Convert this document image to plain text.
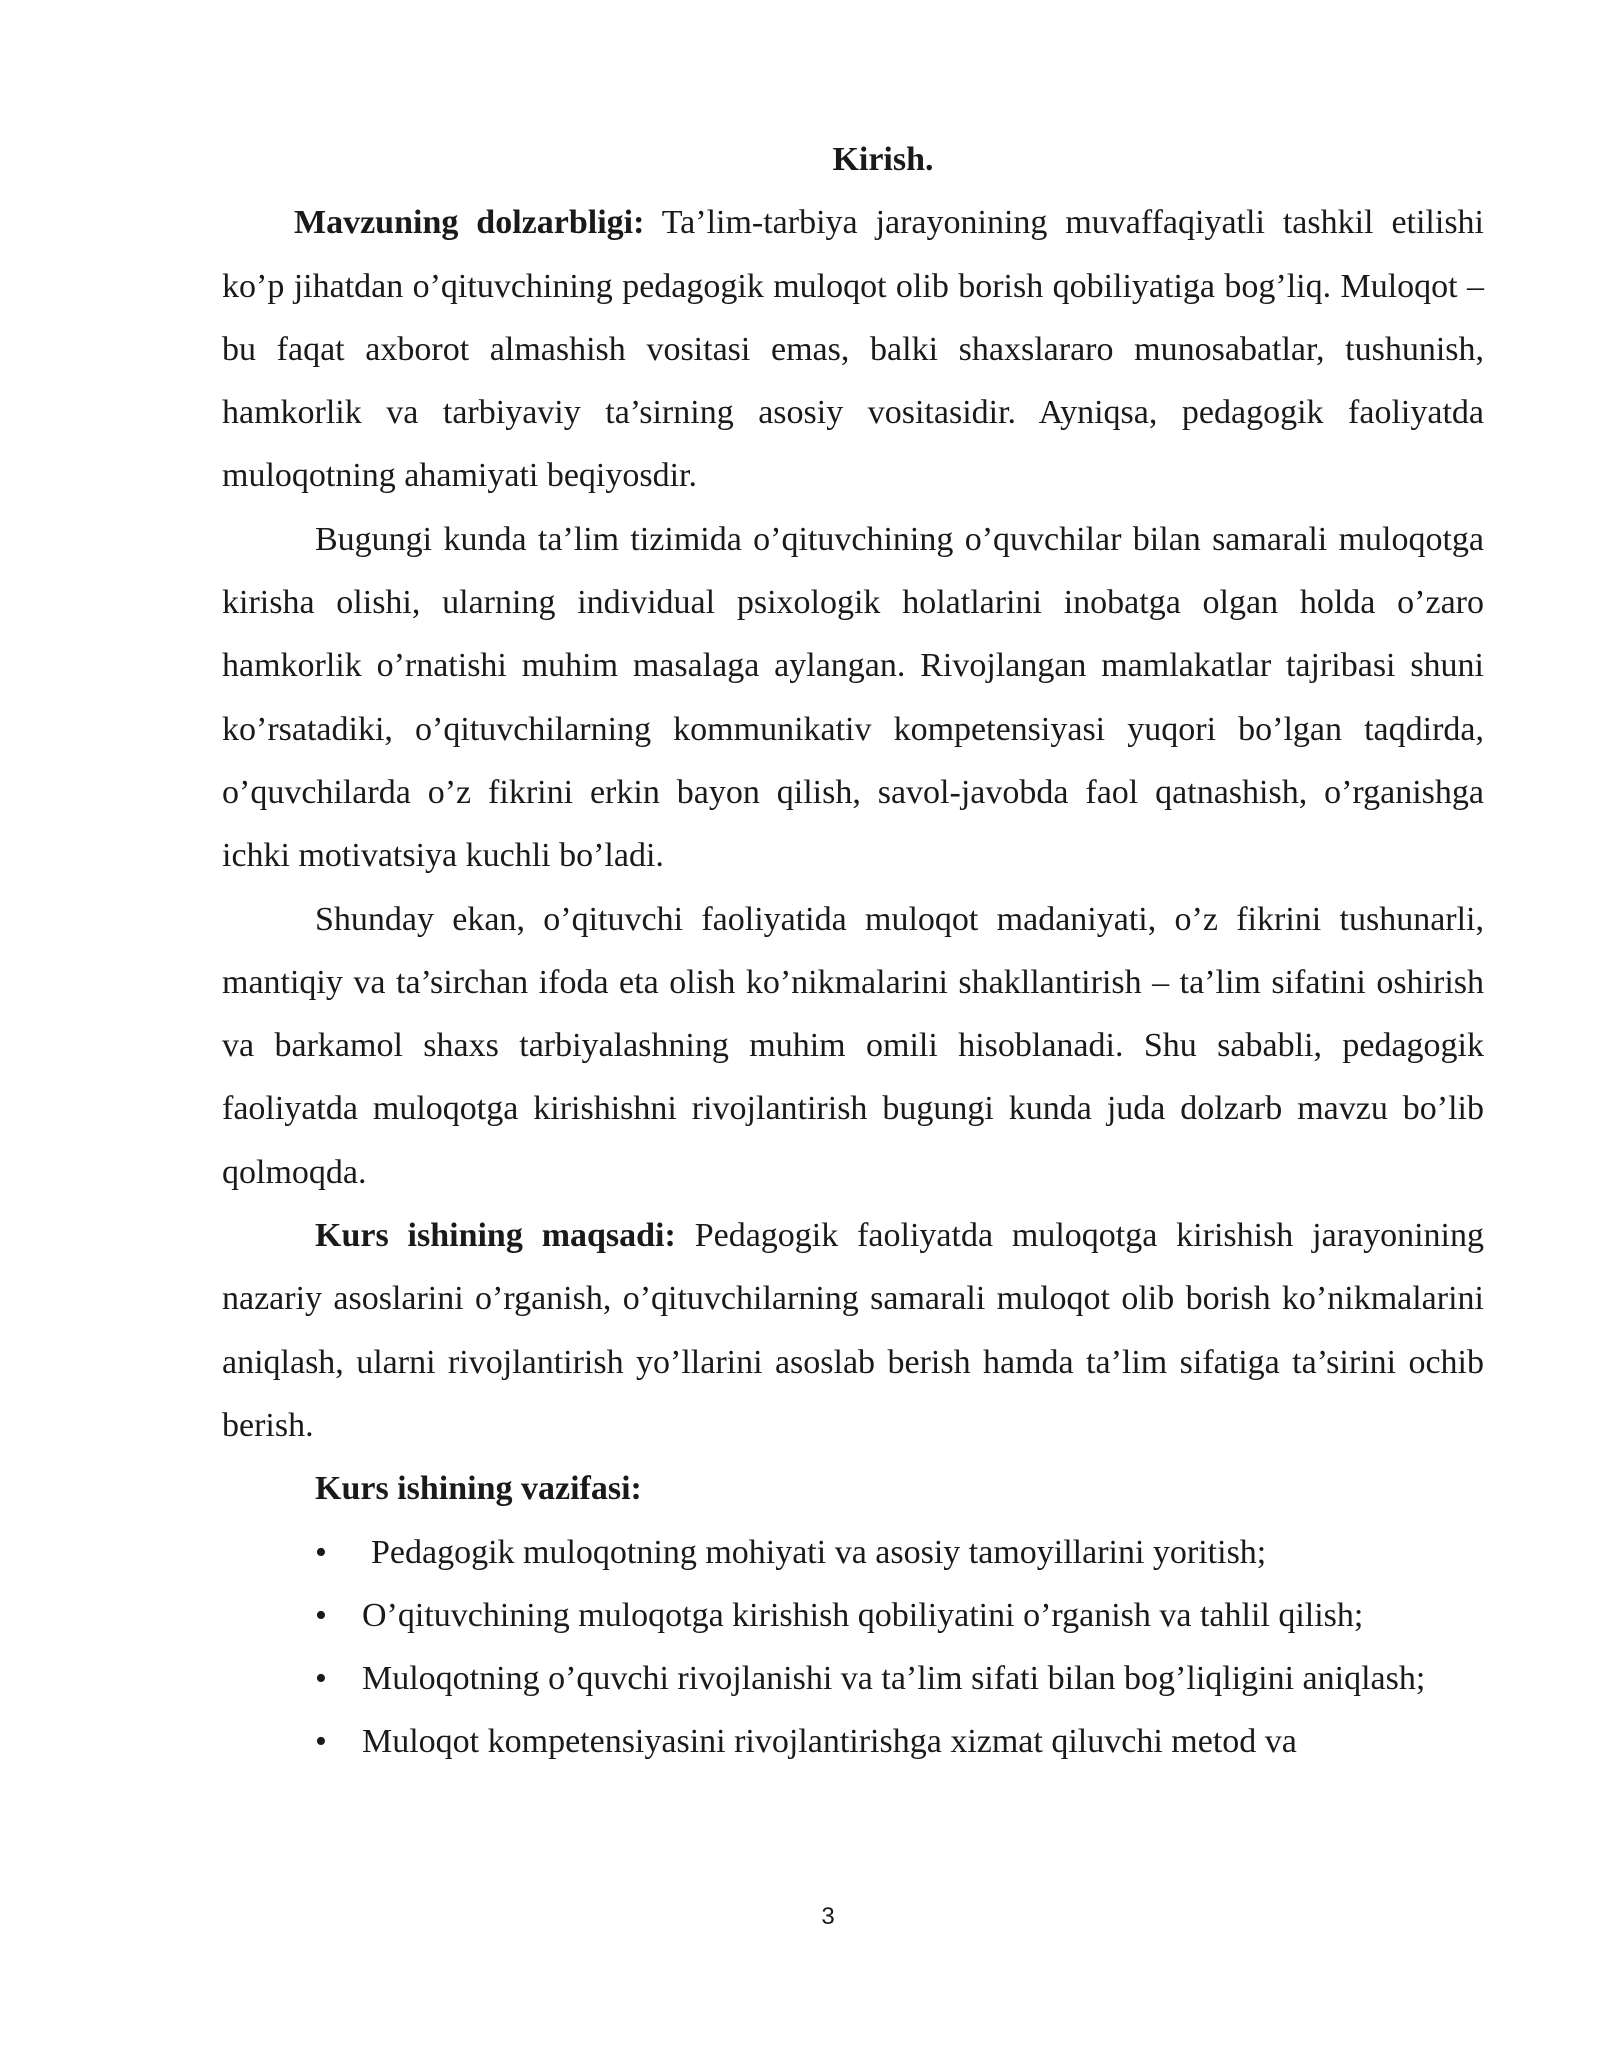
Kirish.

Mavzuning dolzarbligi: Ta’lim-tarbiya jarayonining muvaffaqiyatli tashkil etilishi ko’p jihatdan o’qituvchining pedagogik muloqot olib borish qobiliyatiga bog’liq. Muloqot – bu faqat axborot almashish vositasi emas, balki shaxslararo munosabatlar, tushunish, hamkorlik va tarbiyaviy ta’sirning asosiy vositasidir. Ayniqsa, pedagogik faoliyatda muloqotning ahamiyati beqiyosdir.

Bugungi kunda ta’lim tizimida o’qituvchining o’quvchilar bilan samarali muloqotga kirisha olishi, ularning individual psixologik holatlarini inobatga olgan holda o’zaro hamkorlik o’rnatishi muhim masalaga aylangan. Rivojlangan mamlakatlar tajribasi shuni ko’rsatadiki, o’qituvchilarning kommunikativ kompetensiyasi yuqori bo’lgan taqdirda, o’quvchilarda o’z fikrini erkin bayon qilish, savol-javobda faol qatnashish, o’rganishga ichki motivatsiya kuchli bo’ladi.

Shunday ekan, o’qituvchi faoliyatida muloqot madaniyati, o’z fikrini tushunarli, mantiqiy va ta’sirchan ifoda eta olish ko’nikmalarini shakllantirish – ta’lim sifatini oshirish va barkamol shaxs tarbiyalashning muhim omili hisoblanadi. Shu sababli, pedagogik faoliyatda muloqotga kirishishni rivojlantirish bugungi kunda juda dolzarb mavzu bo’lib qolmoqda.

Kurs ishining maqsadi: Pedagogik faoliyatda muloqotga kirishish jarayonining nazariy asoslarini o’rganish, o’qituvchilarning samarali muloqot olib borish ko’nikmalarini aniqlash, ularni rivojlantirish yo’llarini asoslab berish hamda ta’lim sifatiga ta’sirini ochib berish.

Kurs ishining vazifasi:

• Pedagogik muloqotning mohiyati va asosiy tamoyillarini yoritish;
• O’qituvchining muloqotga kirishish qobiliyatini o’rganish va tahlil qilish;
• Muloqotning o’quvchi rivojlanishi va ta’lim sifati bilan bog’liqligini aniqlash;
• Muloqot kompetensiyasini rivojlantirishga xizmat qiluvchi metod va
3
